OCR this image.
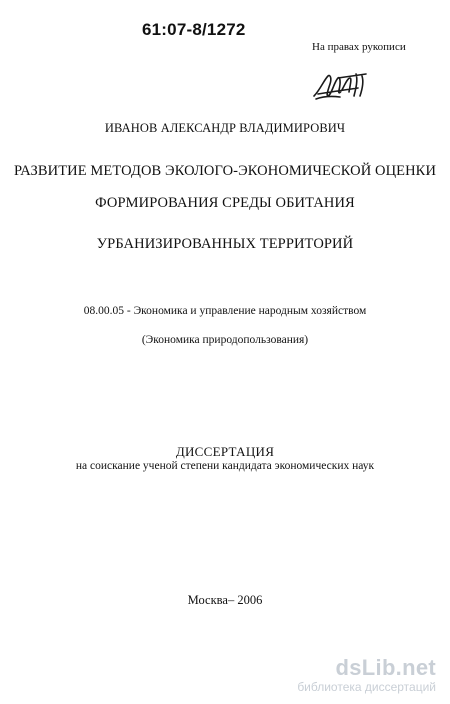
61:07-8/1272
На правах рукописи
ИВАНОВ АЛЕКСАНДР ВЛАДИМИРОВИЧ
РАЗВИТИЕ МЕТОДОВ ЭКОЛОГО-ЭКОНОМИЧЕСКОЙ ОЦЕНКИ
ФОРМИРОВАНИЯ СРЕДЫ ОБИТАНИЯ
УРБАНИЗИРОВАННЫХ ТЕРРИТОРИЙ
08.00.05 - Экономика и управление народным хозяйством
(Экономика природопользования)
ДИССЕРТАЦИЯ
на соискание ученой степени кандидата экономических наук
Москва– 2006
dsLib.net
библиотека диссертаций
